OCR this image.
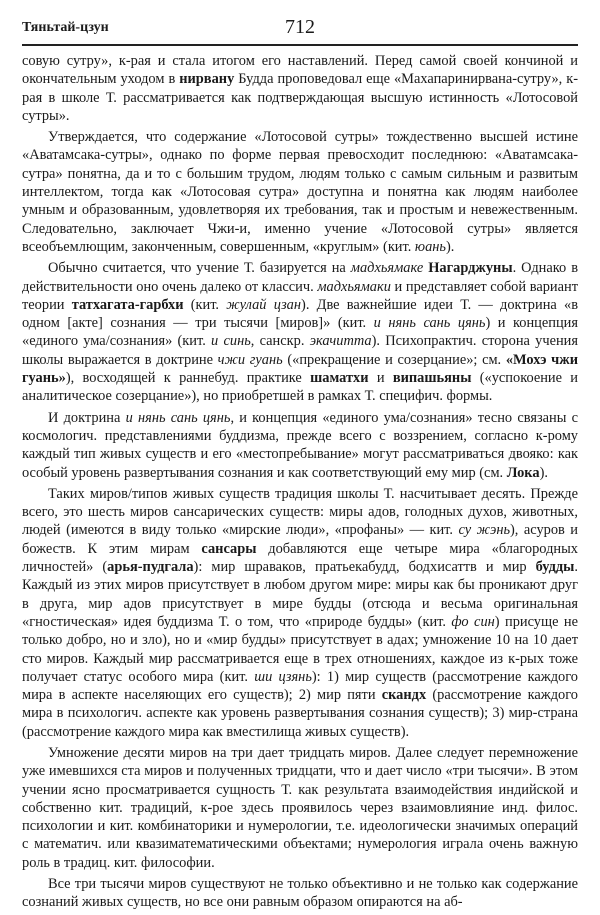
Тяньтай-цзун	712

совую сутру», к-рая и стала итогом его наставлений. Перед самой своей кончиной и окончательным уходом в нирвану Будда проповедовал еще «Махапаринирвана-сутру», к-рая в школе Т. рассматривается как подтверждающая высшую истинность «Лотосовой сутры».

Утверждается, что содержание «Лотосовой сутры» тождественно высшей истине «Аватамсака-сутры», однако по форме первая превосходит последнюю: «Аватамсака-сутра» понятна, да и то с большим трудом, людям только с самым сильным и развитым интеллектом, тогда как «Лотосовая сутра» доступна и понятна как людям наиболее умным и образованным, удовлетворяя их требования, так и простым и невежественным. Следовательно, заключает Чжи-и, именно учение «Лотосовой сутры» является всеобъемлющим, законченным, совершенным, «круглым» (кит. юань).

Обычно считается, что учение Т. базируется на мадхьямаке Нагарджуны. Однако в действительности оно очень далеко от классич. мадхьямаки и представляет собой вариант теории татхагата-гарбхи (кит. жулай цзан). Две важнейшие идеи Т. — доктрина «в одном [акте] сознания — три тысячи [миров]» (кит. и нянь сань цянь) и концепция «единого ума/сознания» (кит. и синь, санскр. экачитта). Психопрактич. сторона учения школы выражается в доктрине чжи гуань («прекращение и созерцание»; см. «Мохэ чжи гуань»), восходящей к раннебуд. практике шаматхи и випашьяны («успокоение и аналитическое созерцание»), но приобретшей в рамках Т. специфич. формы.

И доктрина и нянь сань цянь, и концепция «единого ума/сознания» тесно связаны с космологич. представлениями буддизма, прежде всего с воззрением, согласно к-рому каждый тип живых существ и его «местопребывание» могут рассматриваться двояко: как особый уровень развертывания сознания и как соответствующий ему мир (см. Лока).

Таких миров/типов живых существ традиция школы Т. насчитывает десять. Прежде всего, это шесть миров сансарических существ: миры адов, голодных духов, животных, людей (имеются в виду только «мирские люди», «профаны» — кит. су жэнь), асуров и божеств. К этим мирам сансары добавляются еще четыре мира «благородных личностей» (арья-пудгала): мир шраваков, пратьекабудд, бодхисаттв и мир будды. Каждый из этих миров присутствует в любом другом мире: миры как бы проникают друг в друга, мир адов присутствует в мире будды (отсюда и весьма оригинальная «гностическая» идея буддизма Т. о том, что «природе будды» (кит. фо син) присуще не только добро, но и зло), но и «мир будды» присутствует в адах; умножение 10 на 10 дает сто миров. Каждый мир рассматривается еще в трех отношениях, каждое из к-рых тоже получает статус особого мира (кит. ши цзянь): 1) мир существ (рассмотрение каждого мира в аспекте населяющих его существ); 2) мир пяти скандх (рассмотрение каждого мира в психологич. аспекте как уровень развертывания сознания существ); 3) мир-страна (рассмотрение каждого мира как вместилища живых существ).

Умножение десяти миров на три дает тридцать миров. Далее следует перемножение уже имевшихся ста миров и полученных тридцати, что и дает число «три тысячи». В этом учении ясно просматривается сущность Т. как результата взаимодействия индийской и собственно кит. традиций, к-рое здесь проявилось через взаимовлияние инд. филос. психологии и кит. комбинаторики и нумерологии, т.е. идеологически значимых операций с математич. или квазиматематическими объектами; нумерология играла очень важную роль в традиц. кит. философии.

Все три тысячи миров существуют не только объективно и не только как содержание сознаний живых существ, но все они равным образом опираются на аб-
